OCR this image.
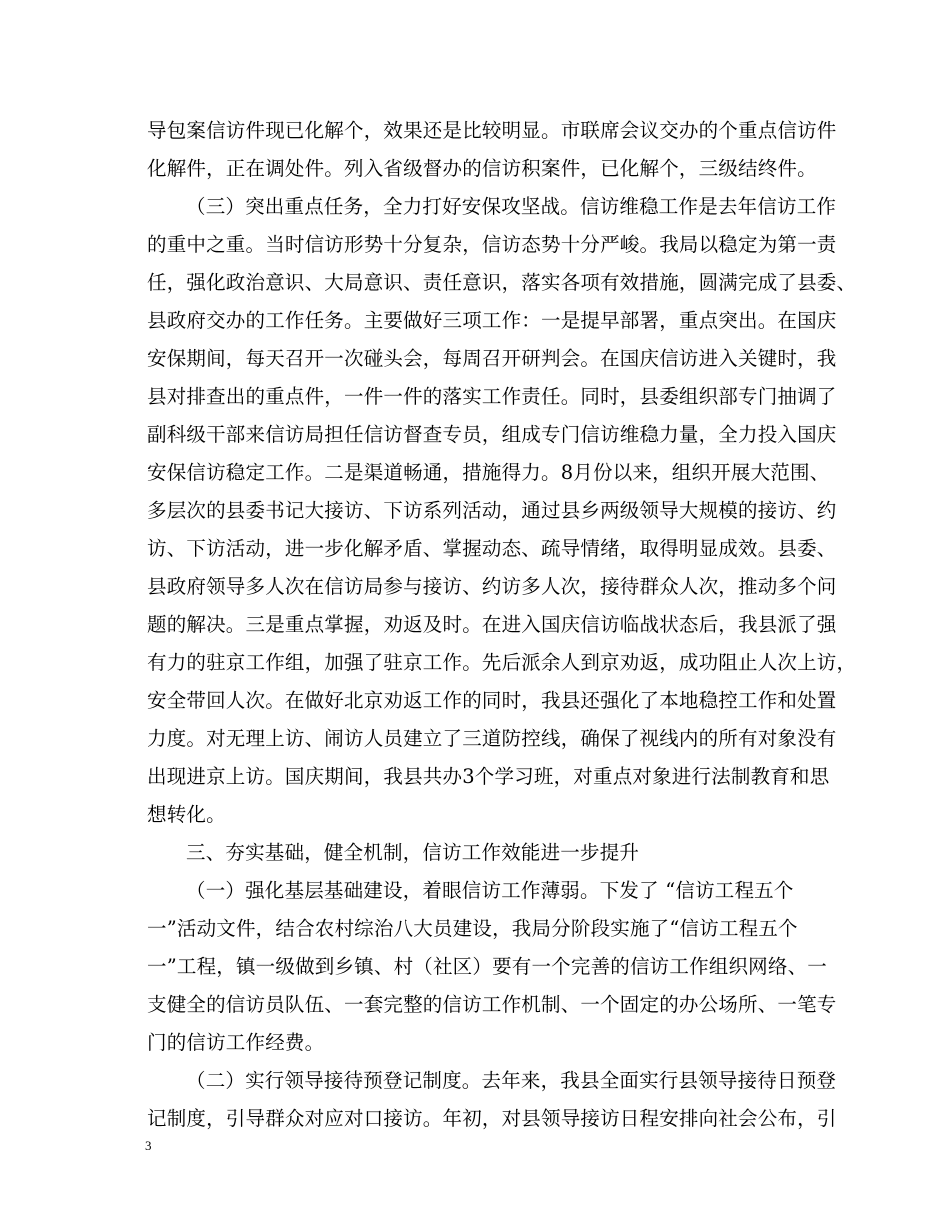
导包案信访件现已化解个，效果还是比较明显。市联席会议交办的个重点信访件
化解件，正在调处件。列入省级督办的信访积案件，已化解个，三级结终件。
（三）突出重点任务，全力打好安保攻坚战。信访维稳工作是去年信访工作
的重中之重。当时信访形势十分复杂，信访态势十分严峻。我局以稳定为第一责
任，强化政治意识、大局意识、责任意识，落实各项有效措施，圆满完成了县委、
县政府交办的工作任务。主要做好三项工作：一是提早部署，重点突出。在国庆
安保期间，每天召开一次碰头会，每周召开研判会。在国庆信访进入关键时，我
县对排查出的重点件，一件一件的落实工作责任。同时，县委组织部专门抽调了
副科级干部来信访局担任信访督查专员，组成专门信访维稳力量，全力投入国庆
安保信访稳定工作。二是渠道畅通，措施得力。8月份以来，组织开展大范围、
多层次的县委书记大接访、下访系列活动，通过县乡两级领导大规模的接访、约
访、下访活动，进一步化解矛盾、掌握动态、疏导情绪，取得明显成效。县委、
县政府领导多人次在信访局参与接访、约访多人次，接待群众人次，推动多个问
题的解决。三是重点掌握，劝返及时。在进入国庆信访临战状态后，我县派了强
有力的驻京工作组，加强了驻京工作。先后派余人到京劝返，成功阻止人次上访，
安全带回人次。在做好北京劝返工作的同时，我县还强化了本地稳控工作和处置
力度。对无理上访、闹访人员建立了三道防控线，确保了视线内的所有对象没有
出现进京上访。国庆期间，我县共办3个学习班，对重点对象进行法制教育和思
想转化。
三、夯实基础，健全机制，信访工作效能进一步提升
（一）强化基层基础建设，着眼信访工作薄弱。下发了 “信访工程五个
一”活动文件，结合农村综治八大员建设，我局分阶段实施了“信访工程五个
一”工程，镇一级做到乡镇、村（社区）要有一个完善的信访工作组织网络、一
支健全的信访员队伍、一套完整的信访工作机制、一个固定的办公场所、一笔专
门的信访工作经费。
（二）实行领导接待预登记制度。去年来，我县全面实行县领导接待日预登
记制度，引导群众对应对口接访。年初，对县领导接访日程安排向社会公布，引
3
